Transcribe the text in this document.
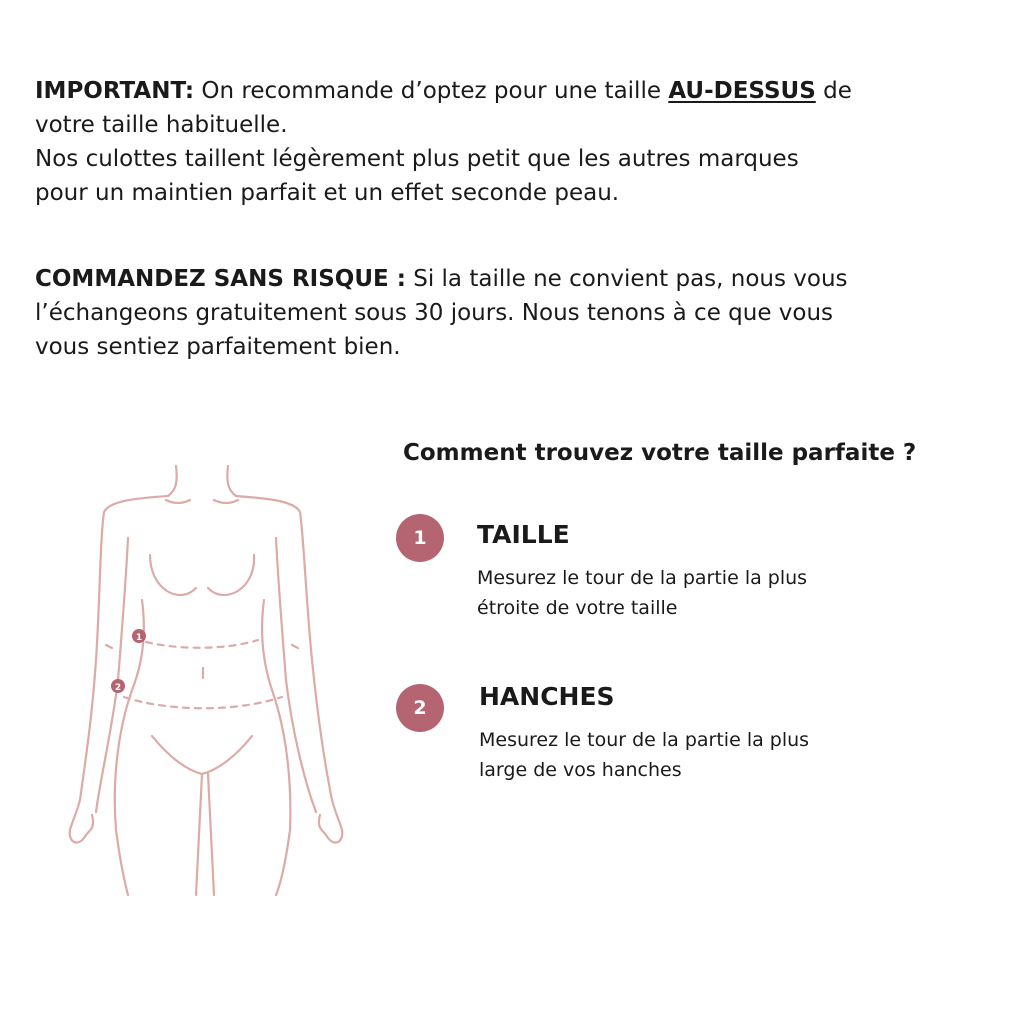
IMPORTANT: On recommande d’optez pour une taille AU-DESSUS de
votre taille habituelle.
Nos culottes taillent légèrement plus petit que les autres marques
pour un maintien parfait et un effet seconde peau.
COMMANDEZ SANS RISQUE : Si la taille ne convient pas, nous vous
l’échangeons gratuitement sous 30 jours. Nous tenons à ce que vous
vous sentiez parfaitement bien.
Comment trouvez votre taille parfaite ?
1	TAILLE
Mesurez le tour de la partie la plus
étroite de votre taille
2	HANCHES
Mesurez le tour de la partie la plus
large de vos hanches
1
2
